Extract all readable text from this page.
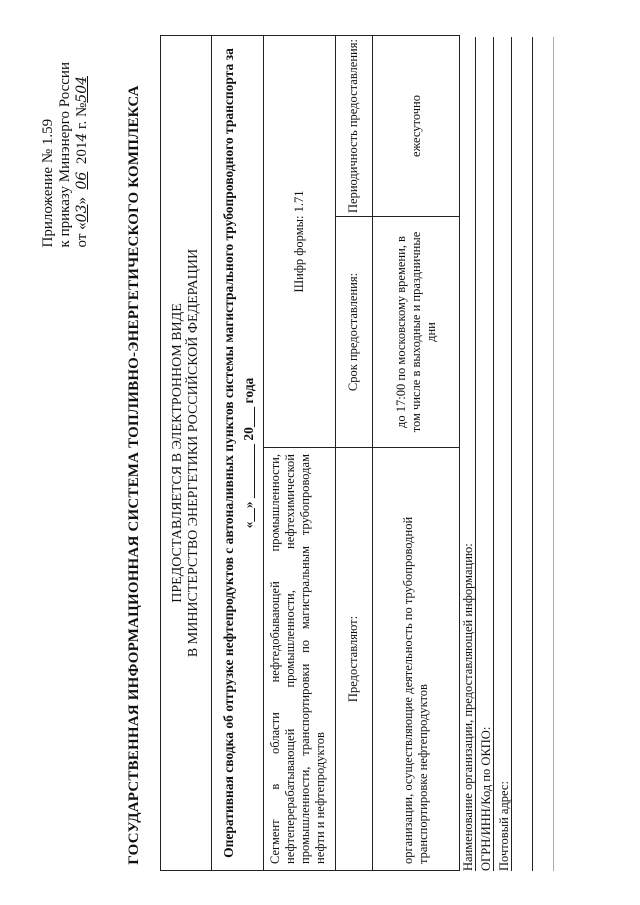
Приложение № 1.59 к приказу Минэнерго России от «03»  06  2014 г. №504 ГОСУДАРСТВЕННАЯ ИНФОРМАЦИОННАЯ СИСТЕМА ТОПЛИВНО-ЭНЕРГЕТИЧЕСКОГО КОМПЛЕКСА ПРЕДОСТАВЛЯЕТСЯ В ЭЛЕКТРОННОМ ВИДЕ В МИНИСТЕРСТВО ЭНЕРГЕТИКИ РОССИЙСКОЙ ФЕДЕРАЦИИ Оперативная сводка об отгрузке нефтепродуктов с автоналивных пунктов системы магистрального трубопроводного транспорта за «__» ________ 20___ года
Сегмент в области нефтедобывающей промышленности, нефтеперерабатывающей промышленности, нефтехимической промышленности, транспортировки по магистральным трубопроводам нефти и нефтепродуктов
Шифр формы: 1.71
Предоставляют:
Срок предоставления:
Периодичность предоставления:
организации, осуществляющие деятельность по трубопроводной транспортировке нефтепродуктов
до 17:00 по московскому времени, в том числе в выходные и праздничные дни
ежесуточно
Наименование организации, предоставляющей информацию: ОГРН/ИНН/Код по ОКПО: Почтовый адрес:
